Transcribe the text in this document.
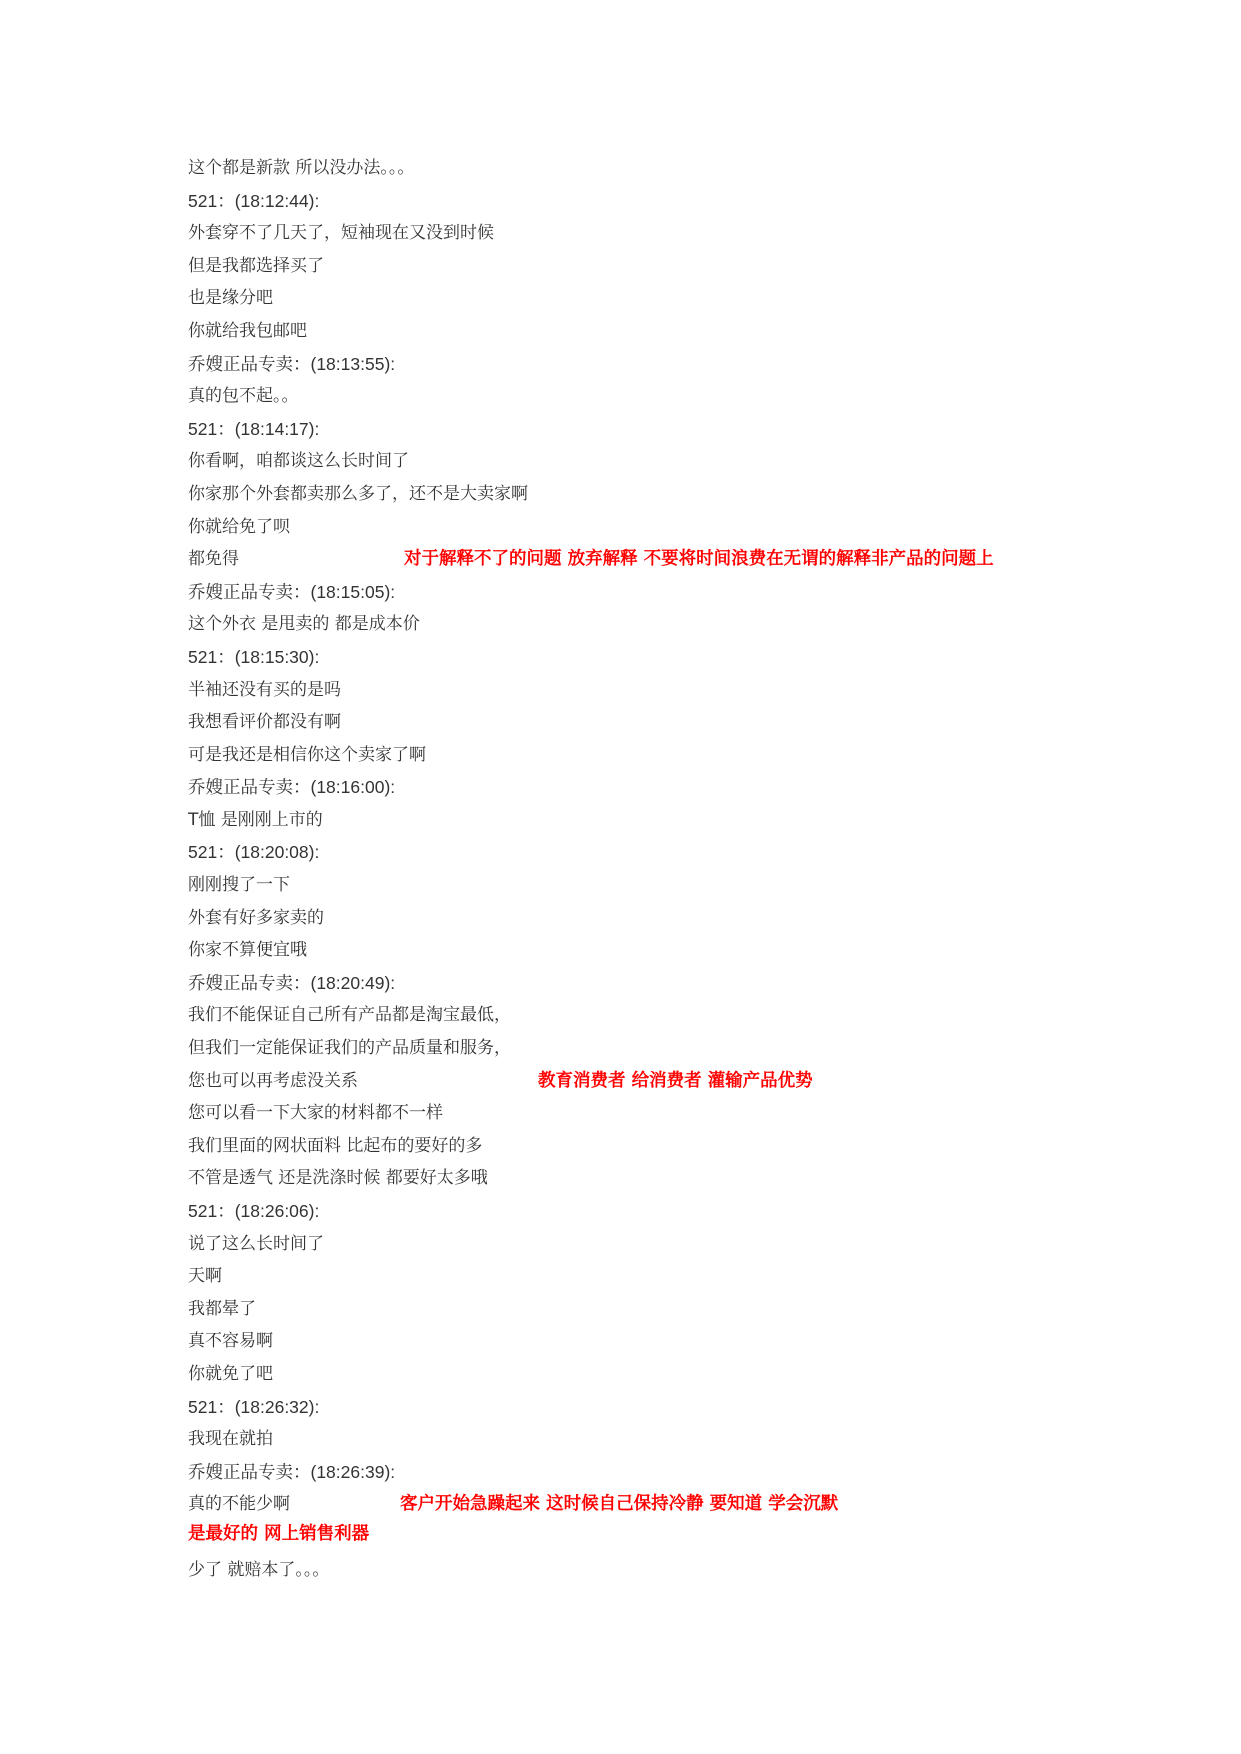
这个都是新款 所以没办法。。。
521：(18:12:44):
外套穿不了几天了，短袖现在又没到时候
但是我都选择买了
也是缘分吧
你就给我包邮吧
乔嫂正品专卖：(18:13:55):
真的包不起。。
521：(18:14:17):
你看啊，咱都谈这么长时间了
你家那个外套都卖那么多了，还不是大卖家啊
你就给免了呗
都免得	对于解释不了的问题 放弃解释 不要将时间浪费在无谓的解释非产品的问题上
乔嫂正品专卖：(18:15:05):
这个外衣 是甩卖的 都是成本价
521：(18:15:30):
半袖还没有买的是吗
我想看评价都没有啊
可是我还是相信你这个卖家了啊
乔嫂正品专卖：(18:16:00):
T恤 是刚刚上市的
521：(18:20:08):
刚刚搜了一下
外套有好多家卖的
你家不算便宜哦
乔嫂正品专卖：(18:20:49):
我们不能保证自己所有产品都是淘宝最低，
但我们一定能保证我们的产品质量和服务，
您也可以再考虑没关系	教育消费者 给消费者 灌输产品优势
您可以看一下大家的材料都不一样
我们里面的网状面料 比起布的要好的多
不管是透气 还是洗涤时候 都要好太多哦
521：(18:26:06):
说了这么长时间了
天啊
我都晕了
真不容易啊
你就免了吧
521：(18:26:32):
我现在就拍
乔嫂正品专卖：(18:26:39):
真的不能少啊	客户开始急躁起来 这时候自己保持冷静 要知道 学会沉默是最好的 网上销售利器
少了 就赔本了。。。
